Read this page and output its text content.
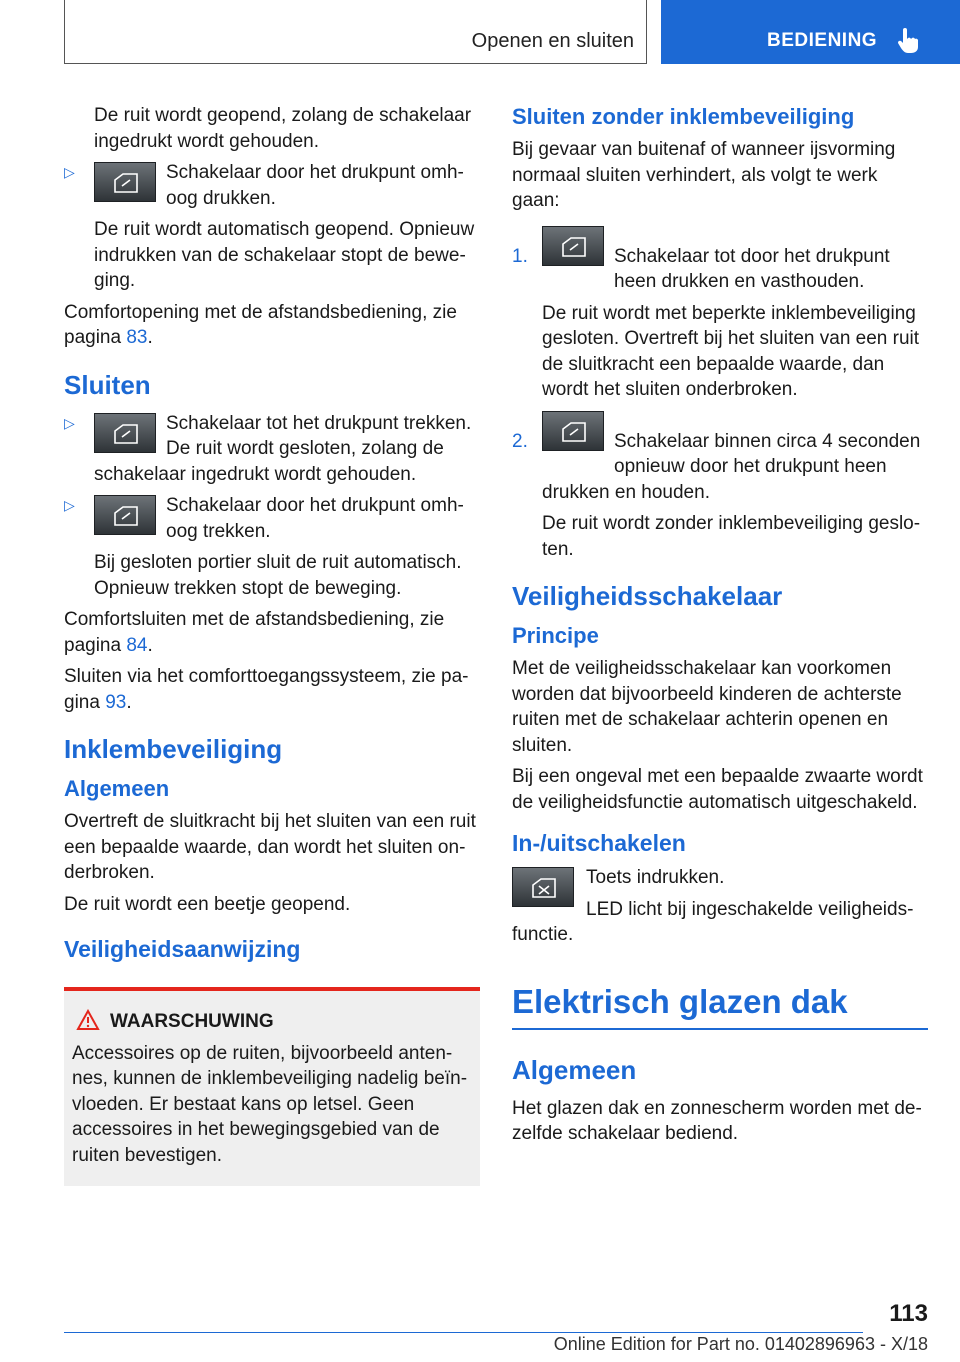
Openen en sluiten	BEDIENING

De ruit wordt geopend, zolang de schakelaar ingedrukt wordt gehouden.

▷	Schakelaar door het drukpunt omhoog drukken.

De ruit wordt automatisch geopend. Opnieuw indrukken van de schakelaar stopt de beweging.

Comfortopening met de afstandsbediening, zie pagina 83.

Sluiten
▷	Schakelaar tot het drukpunt trekken.
De ruit wordt gesloten, zolang de schakelaar ingedrukt wordt gehouden.
▷	Schakelaar door het drukpunt omhoog trekken.

Bij gesloten portier sluit de ruit automatisch. Opnieuw trekken stopt de beweging.

Comfortsluiten met de afstandsbediening, zie pagina 84.

Sluiten via het comforttoegangssysteem, zie pagina 93.

Inklembeveiliging
Algemeen

Overtreft de sluitkracht bij het sluiten van een ruit een bepaalde waarde, dan wordt het sluiten onderbroken.

De ruit wordt een beetje geopend.

Veiligheidsaanwijzing
WAARSCHUWING

Accessoires op de ruiten, bijvoorbeeld antennes, kunnen de inklembeveiliging nadelig beïnvloeden. Er bestaat kans op letsel. Geen accessoires in het bewegingsgebied van de ruiten bevestigen.

Sluiten zonder inklembeveiliging

Bij gevaar van buitenaf of wanneer ijsvorming normaal sluiten verhindert, als volgt te werk gaan:

1.	Schakelaar tot door het drukpunt heen drukken en vasthouden.

De ruit wordt met beperkte inklembeveiliging gesloten. Overtreft bij het sluiten van een ruit de sluitkracht een bepaalde waarde, dan wordt het sluiten onderbroken.

2.	Schakelaar binnen circa 4 seconden opnieuw door het drukpunt heen drukken en houden.

De ruit wordt zonder inklembeveiliging gesloten.

Veiligheidsschakelaar
Principe

Met de veiligheidsschakelaar kan voorkomen worden dat bijvoorbeeld kinderen de achterste ruiten met de schakelaar achterin openen en sluiten.

Bij een ongeval met een bepaalde zwaarte wordt de veiligheidsfunctie automatisch uitgeschakeld.

In-/uitschakelen

Toets indrukken.

LED licht bij ingeschakelde veiligheidsfunctie.

Elektrisch glazen dak
Algemeen

Het glazen dak en zonnescherm worden met dezelfde schakelaar bediend.

113
Online Edition for Part no. 01402896963 - X/18
